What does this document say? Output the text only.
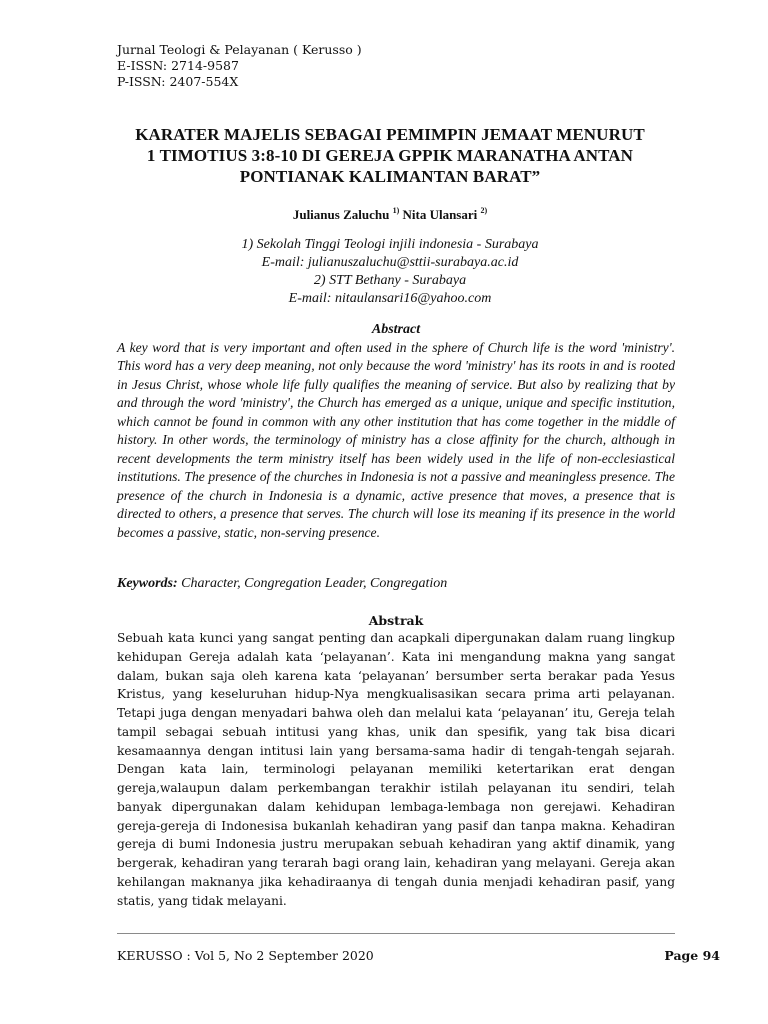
Jurnal Teologi & Pelayanan ( Kerusso )
E-ISSN: 2714-9587
P-ISSN: 2407-554X
KARATER MAJELIS SEBAGAI PEMIMPIN JEMAAT MENURUT
1 TIMOTIUS 3:8-10 DI GEREJA GPPIK MARANATHA ANTAN
PONTIANAK KALIMANTAN BARAT”
Julianus Zaluchu $^{1)}$ Nita Ulansari $^{2)}$
1) Sekolah Tinggi Teologi injili indonesia - Surabaya
E-mail: julianuszaluchu@sttii-surabaya.ac.id
2) STT Bethany - Surabaya
E-mail: nitaulansari16@yahoo.com
Abstract

A key word that is very important and often used in the sphere of Church life is the word 'ministry'. This word has a very deep meaning, not only because the word 'ministry' has its roots in and is rooted in Jesus Christ, whose whole life fully qualifies the meaning of service. But also by realizing that by and through the word 'ministry', the Church has emerged as a unique, unique and specific institution, which cannot be found in common with any other institution that has come together in the middle of history. In other words, the terminology of ministry has a close affinity for the church, although in recent developments the term ministry itself has been widely used in the life of non-ecclesiastical institutions. The presence of the churches in Indonesia is not a passive and meaningless presence. The presence of the church in Indonesia is a dynamic, active presence that moves, a presence that is directed to others, a presence that serves. The church will lose its meaning if its presence in the world becomes a passive, static, non-serving presence.

Keywords: Character, Congregation Leader, Congregation
Abstrak

Sebuah kata kunci yang sangat penting dan acapkali dipergunakan dalam ruang lingkup kehidupan Gereja adalah kata ‘pelayanan’. Kata ini mengandung makna yang sangat dalam, bukan saja oleh karena kata ‘pelayanan’ bersumber serta berakar pada Yesus Kristus, yang keseluruhan hidup-Nya mengkualisasikan secara prima arti pelayanan. Tetapi juga dengan menyadari bahwa oleh dan melalui kata ‘pelayanan’ itu, Gereja telah tampil sebagai sebuah intitusi yang khas, unik dan spesifik, yang tak bisa dicari kesamaannya dengan intitusi lain yang bersama-sama hadir di tengah-tengah sejarah. Dengan kata lain, terminologi pelayanan memiliki ketertarikan erat dengan gereja,walaupun dalam perkembangan terakhir istilah pelayanan itu sendiri, telah banyak dipergunakan dalam kehidupan lembaga-lembaga non gerejawi. Kehadiran gereja-gereja di Indonesisa bukanlah kehadiran yang pasif dan tanpa makna. Kehadiran gereja di bumi Indonesia justru merupakan sebuah kehadiran yang aktif dinamik, yang bergerak, kehadiran yang terarah bagi orang lain, kehadiran yang melayani. Gereja akan kehilangan maknanya jika kehadiraanya di tengah dunia menjadi kehadiran pasif, yang statis, yang tidak melayani.

KERUSSO : Vol 5, No 2 September 2020	Page 94
